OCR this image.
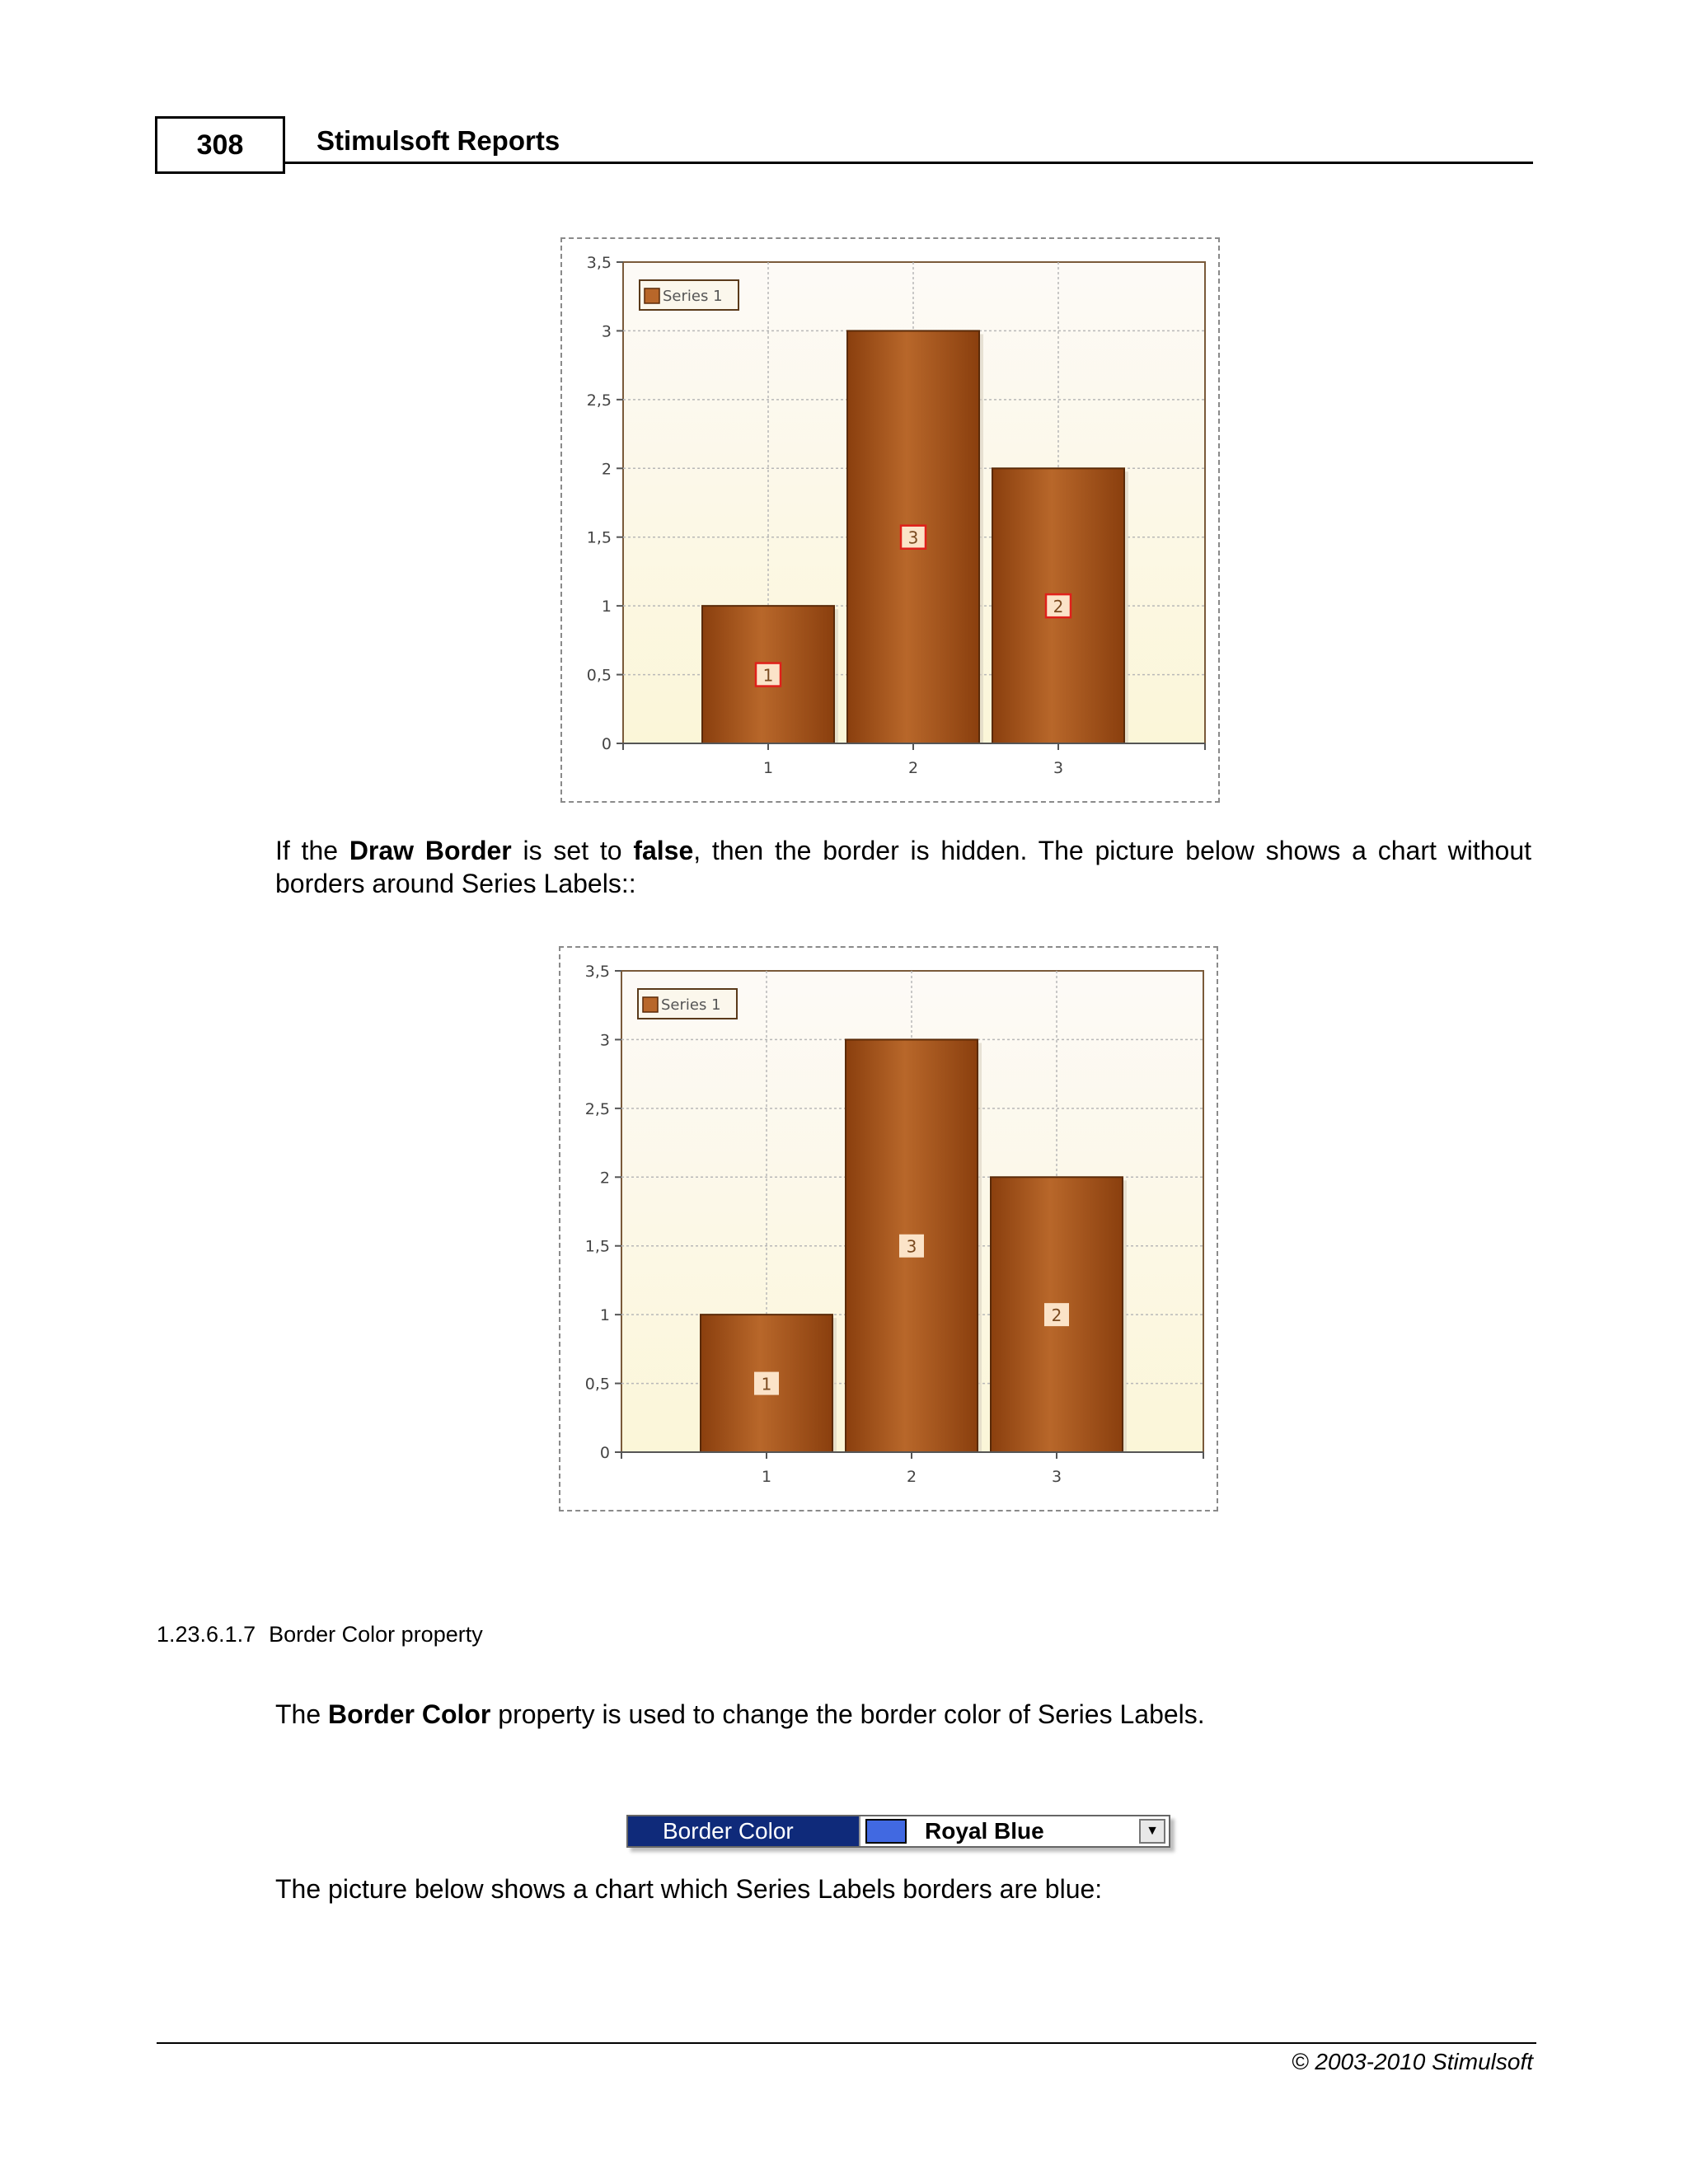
308	Stimulsoft Reports
0
0,5
1
1,5
2
2,5
3
3,5
1
1
2
3
3
2
Series 1

If the Draw Border is set to false, then the border is hidden. The picture below shows a chart without borders around Series Labels::

0
0,5
1
1,5
2
2,5
3
3,5
1
1
2
3
3
2
Series 1
1.23.6.1.7 Border Color property

The Border Color property is used to change the border color of Series Labels.

Border Color	Royal Blue	▼

The picture below shows a chart which Series Labels borders are blue:

© 2003-2010 Stimulsoft
